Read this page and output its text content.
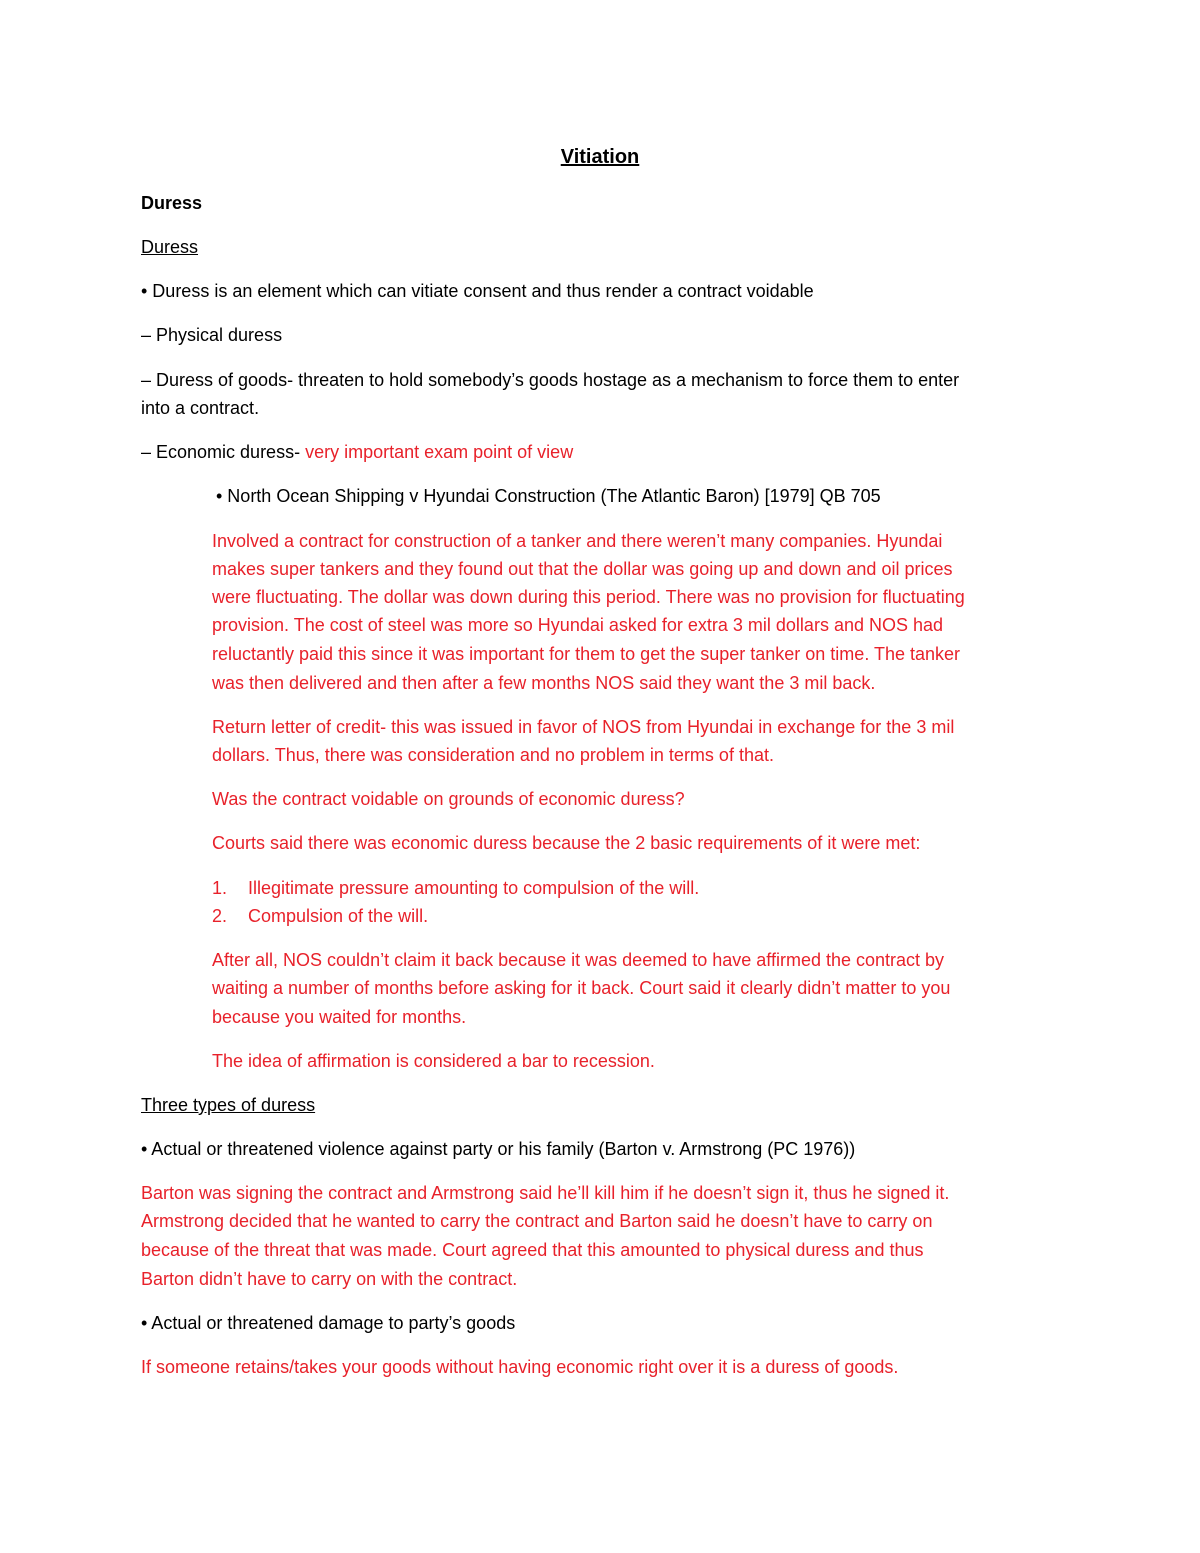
Vitiation

Duress

Duress

• Duress is an element which can vitiate consent and thus render a contract voidable

– Physical duress

– Duress of goods- threaten to hold somebody’s goods hostage as a mechanism to force them to enter

into a contract.

– Economic duress- very important exam point of view

• North Ocean Shipping v Hyundai Construction (The Atlantic Baron) [1979] QB 705

Involved a contract for construction of a tanker and there weren’t many companies. Hyundai

makes super tankers and they found out that the dollar was going up and down and oil prices

were fluctuating. The dollar was down during this period. There was no provision for fluctuating

provision. The cost of steel was more so Hyundai asked for extra 3 mil dollars and NOS had

reluctantly paid this since it was important for them to get the super tanker on time. The tanker

was then delivered and then after a few months NOS said they want the 3 mil back.

Return letter of credit- this was issued in favor of NOS from Hyundai in exchange for the 3 mil

dollars. Thus, there was consideration and no problem in terms of that.

Was the contract voidable on grounds of economic duress?

Courts said there was economic duress because the 2 basic requirements of it were met:

1. Illegitimate pressure amounting to compulsion of the will.

2. Compulsion of the will.

After all, NOS couldn’t claim it back because it was deemed to have affirmed the contract by

waiting a number of months before asking for it back. Court said it clearly didn’t matter to you

because you waited for months.

The idea of affirmation is considered a bar to recession.

Three types of duress

• Actual or threatened violence against party or his family (Barton v. Armstrong (PC 1976))

Barton was signing the contract and Armstrong said he’ll kill him if he doesn’t sign it, thus he signed it.

Armstrong decided that he wanted to carry the contract and Barton said he doesn’t have to carry on

because of the threat that was made. Court agreed that this amounted to physical duress and thus

Barton didn’t have to carry on with the contract.

• Actual or threatened damage to party’s goods

If someone retains/takes your goods without having economic right over it is a duress of goods.
